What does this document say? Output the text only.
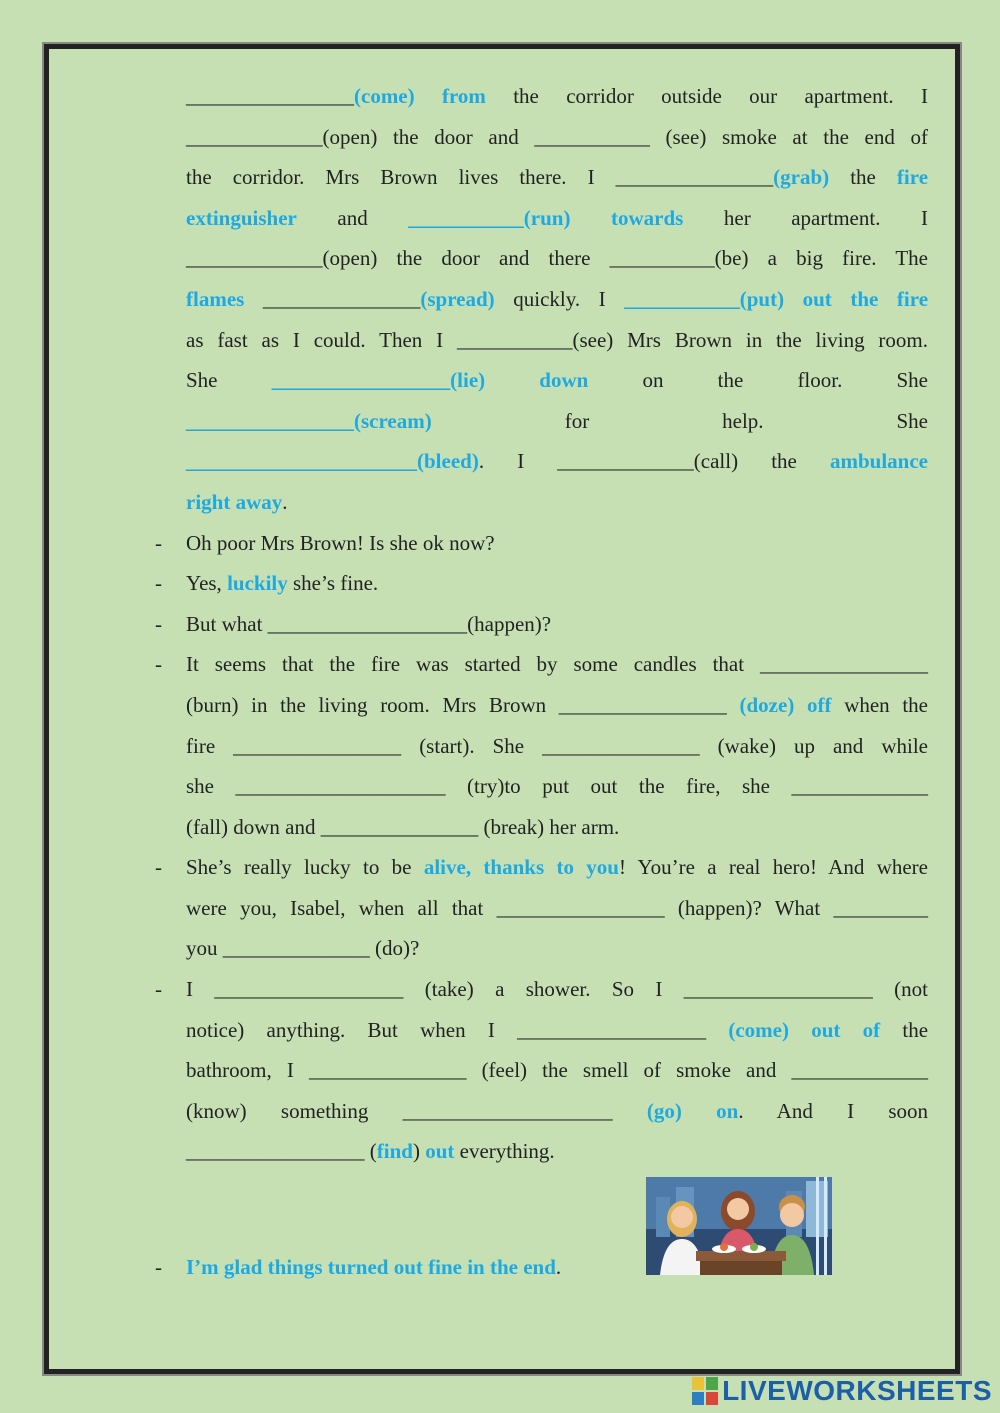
________________(come) from the corridor outside our apartment. I
_____________(open) the door and ___________ (see) smoke at the end of
the corridor. Mrs Brown lives there. I _______________(grab) the fire
extinguisher and ___________(run) towards her apartment. I
_____________(open) the door and there __________(be) a big fire. The
flames _______________(spread) quickly. I ___________(put) out the fire
as fast as I could. Then I ___________(see) Mrs Brown in the living room.
She	_________________(lie)	down	on the floor. She
________________(scream)	for help. She
______________________(bleed). I _____________(call) the ambulance
right away.
- Oh poor Mrs Brown! Is she ok now?
- Yes, luckily she’s fine.
- But what ___________________(happen)?
- It seems that the fire was started by some candles that ________________
(burn) in the living room. Mrs Brown ________________ (doze) off when the
fire ________________ (start). She _______________ (wake) up and while
she ____________________ (try)to put out the fire, she _____________
(fall) down and _______________ (break) her arm.
- She’s really lucky to be alive, thanks to you! You’re a real hero! And where
were you, Isabel, when all that ________________ (happen)? What _________
you ______________ (do)?
- I __________________ (take) a shower. So I __________________ (not
notice) anything. But when I __________________ (come) out of the
bathroom, I _______________ (feel) the smell of smoke and _____________
(know) something ____________________ (go) on. And I soon
_________________ (find) out everything.
- I’m glad things turned out fine in the end.
LIVEWORKSHEETS
